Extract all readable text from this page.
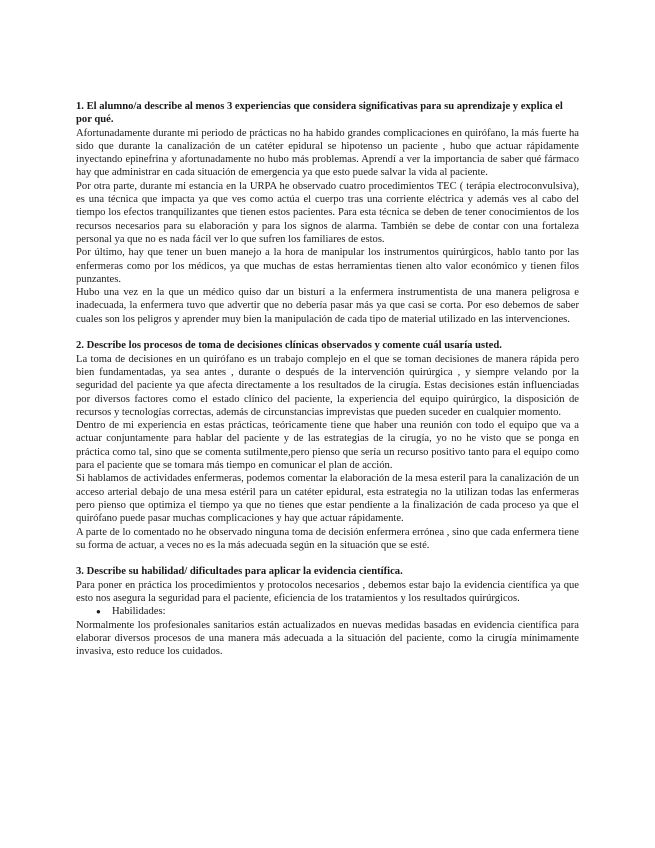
1. El alumno/a describe al menos 3 experiencias que considera significativas para su aprendizaje y explica el por qué.

Afortunadamente durante mi periodo de prácticas no ha habido grandes complicaciones en quirófano, la más fuerte ha sido que durante la canalización de un catéter epidural se hipotenso un paciente , hubo que actuar rápidamente inyectando epinefrina y afortunadamente no hubo más problemas. Aprendí a ver la importancia de saber qué fármaco hay que administrar en cada situación de emergencia ya que esto puede salvar la vida al paciente.

Por otra parte, durante mi estancia en la URPA he observado cuatro procedimientos TEC ( terápia electroconvulsiva), es una técnica que impacta ya que ves como actúa el cuerpo tras una corriente eléctrica y además ves al cabo del tiempo los efectos tranquilizantes que tienen estos pacientes. Para esta técnica se deben de tener conocimientos de los recursos necesarios para su elaboración y para los signos de alarma. También se debe de contar con una fortaleza personal ya que no es nada fácil ver lo que sufren los familiares de estos.

Por último, hay que tener un buen manejo a la hora de manipular los instrumentos quirúrgicos, hablo tanto por las enfermeras como por los médicos, ya que muchas de estas herramientas tienen alto valor económico y tienen filos punzantes.

Hubo una vez en la que un médico quiso dar un bisturí a la enfermera instrumentista de una manera peligrosa e inadecuada, la enfermera tuvo que advertir que no debería pasar más ya que casi se corta. Por eso debemos de saber cuales son los peligros y aprender muy bien la manipulación de cada tipo de material utilizado en las intervenciones.

2. Describe los procesos de toma de decisiones clínicas observados y comente cuál usaría usted.

La toma de decisiones en un quirófano es un trabajo complejo en el que se toman decisiones de manera rápida pero bien fundamentadas, ya sea antes , durante o después de la intervención quirúrgica , y siempre velando por la seguridad del paciente ya que afecta directamente a los resultados de la cirugía. Estas decisiones están influenciadas por diversos factores como el estado clínico del paciente, la experiencia del equipo quirúrgico, la disposición de recursos y tecnologías correctas, además de circunstancias imprevistas que pueden suceder en cualquier momento.

Dentro de mi experiencia en estas prácticas, teóricamente tiene que haber una reunión con todo el equipo que va a actuar conjuntamente para hablar del paciente y de las estrategias de la cirugía, yo no he visto que se ponga en práctica como tal, sino que se comenta sutilmente,pero pienso que sería un recurso positivo tanto para el equipo como para el paciente que se tomara más tiempo en comunicar el plan de acción.

Si hablamos de actividades enfermeras, podemos comentar la elaboración de la mesa esteril para la canalización de un acceso arterial debajo de una mesa estéril para un catéter epidural, esta estrategia no la utilizan todas las enfermeras pero pienso que optimiza el tiempo ya que no tienes que estar pendiente a la finalización de cada proceso ya que el quirófano puede pasar muchas complicaciones y hay que actuar rápidamente.

A parte de lo comentado no he observado ninguna toma de decisión enfermera errónea , sino que cada enfermera tiene su forma de actuar, a veces no es la más adecuada según en la situación que se esté.

3. Describe su habilidad/ dificultades para aplicar la evidencia científica.

Para poner en práctica los procedimientos y protocolos necesarios , debemos estar bajo la evidencia científica ya que esto nos asegura la seguridad para el paciente, eficiencia de los tratamientos y los resultados quirúrgicos.

● Habilidades:

Normalmente los profesionales sanitarios están actualizados en nuevas medidas basadas en evidencia científica para elaborar diversos procesos de una manera más adecuada a la situación del paciente, como la cirugía mínimamente invasiva, esto reduce los cuidados.
